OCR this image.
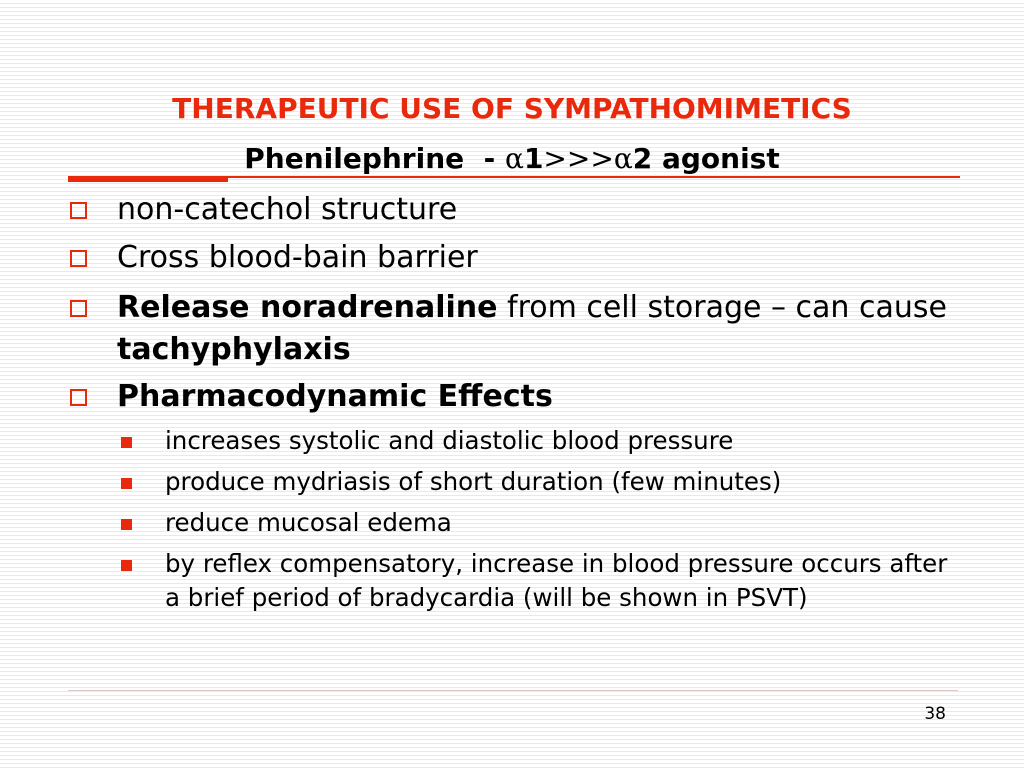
THERAPEUTIC USE OF SYMPATHOMIMETICS
Phenilephrine  - α1>>>α2 agonist
non-catechol structure
Cross blood-bain barrier
Release noradrenaline from cell storage – can cause tachyphylaxis
Pharmacodynamic Effects
increases systolic and diastolic blood pressure
produce mydriasis of short duration (few minutes)
reduce mucosal edema
by reflex compensatory, increase in blood pressure occurs after a brief period of bradycardia (will be shown in PSVT)
38
